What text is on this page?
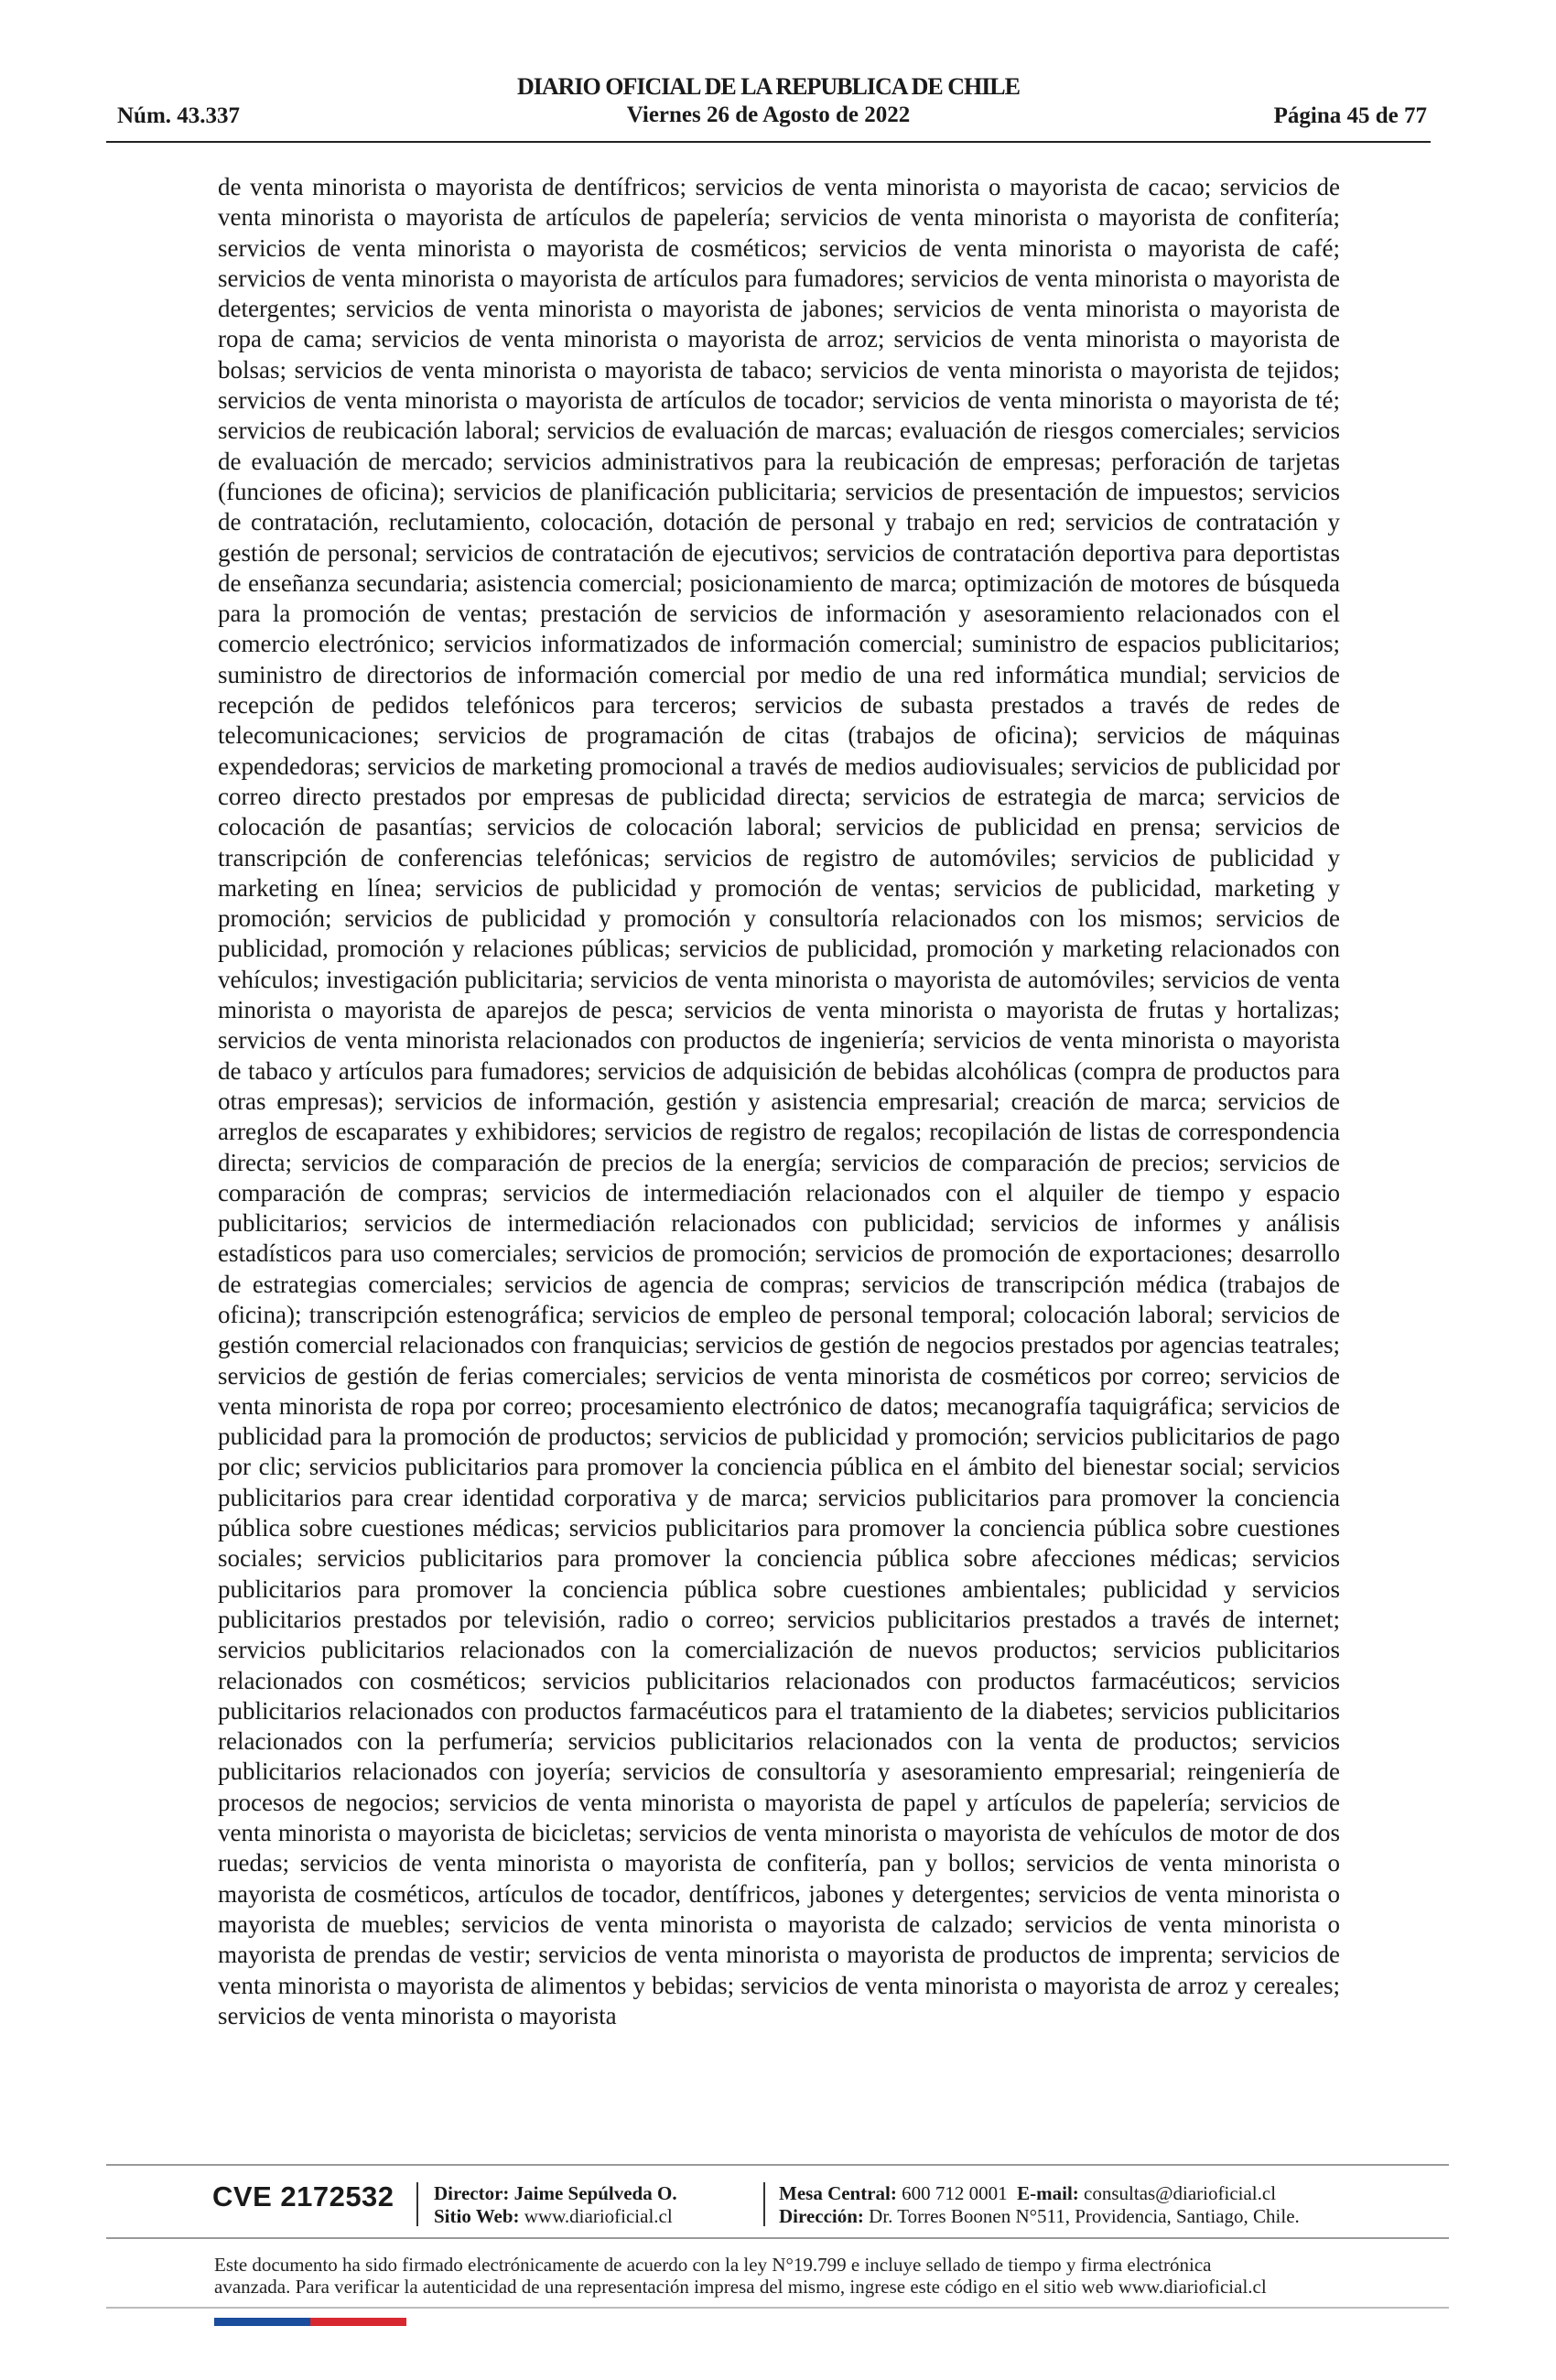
Núm. 43.337
DIARIO OFICIAL DE LA REPUBLICA DE CHILE
Viernes 26 de Agosto de 2022	Página 45 de 77
de venta minorista o mayorista de dentífricos; servicios de venta minorista o mayorista de cacao; servicios de venta minorista o mayorista de artículos de papelería; servicios de venta minorista o mayorista de confitería; servicios de venta minorista o mayorista de cosméticos; servicios de venta minorista o mayorista de café; servicios de venta minorista o mayorista de artículos para fumadores; servicios de venta minorista o mayorista de detergentes; servicios de venta minorista o mayorista de jabones; servicios de venta minorista o mayorista de ropa de cama; servicios de venta minorista o mayorista de arroz; servicios de venta minorista o mayorista de bolsas; servicios de venta minorista o mayorista de tabaco; servicios de venta minorista o mayorista de tejidos; servicios de venta minorista o mayorista de artículos de tocador; servicios de venta minorista o mayorista de té; servicios de reubicación laboral; servicios de evaluación de marcas; evaluación de riesgos comerciales; servicios de evaluación de mercado; servicios administrativos para la reubicación de empresas; perforación de tarjetas (funciones de oficina); servicios de planificación publicitaria; servicios de presentación de impuestos; servicios de contratación, reclutamiento, colocación, dotación de personal y trabajo en red; servicios de contratación y gestión de personal; servicios de contratación de ejecutivos; servicios de contratación deportiva para deportistas de enseñanza secundaria; asistencia comercial; posicionamiento de marca; optimización de motores de búsqueda para la promoción de ventas; prestación de servicios de información y asesoramiento relacionados con el comercio electrónico; servicios informatizados de información comercial; suministro de espacios publicitarios; suministro de directorios de información comercial por medio de una red informática mundial; servicios de recepción de pedidos telefónicos para terceros; servicios de subasta prestados a través de redes de telecomunicaciones; servicios de programación de citas (trabajos de oficina); servicios de máquinas expendedoras; servicios de marketing promocional a través de medios audiovisuales; servicios de publicidad por correo directo prestados por empresas de publicidad directa; servicios de estrategia de marca; servicios de colocación de pasantías; servicios de colocación laboral; servicios de publicidad en prensa; servicios de transcripción de conferencias telefónicas; servicios de registro de automóviles; servicios de publicidad y marketing en línea; servicios de publicidad y promoción de ventas; servicios de publicidad, marketing y promoción; servicios de publicidad y promoción y consultoría relacionados con los mismos; servicios de publicidad, promoción y relaciones públicas; servicios de publicidad, promoción y marketing relacionados con vehículos; investigación publicitaria; servicios de venta minorista o mayorista de automóviles; servicios de venta minorista o mayorista de aparejos de pesca; servicios de venta minorista o mayorista de frutas y hortalizas; servicios de venta minorista relacionados con productos de ingeniería; servicios de venta minorista o mayorista de tabaco y artículos para fumadores; servicios de adquisición de bebidas alcohólicas (compra de productos para otras empresas); servicios de información, gestión y asistencia empresarial; creación de marca; servicios de arreglos de escaparates y exhibidores; servicios de registro de regalos; recopilación de listas de correspondencia directa; servicios de comparación de precios de la energía; servicios de comparación de precios; servicios de comparación de compras; servicios de intermediación relacionados con el alquiler de tiempo y espacio publicitarios; servicios de intermediación relacionados con publicidad; servicios de informes y análisis estadísticos para uso comerciales; servicios de promoción; servicios de promoción de exportaciones; desarrollo de estrategias comerciales; servicios de agencia de compras; servicios de transcripción médica (trabajos de oficina); transcripción estenográfica; servicios de empleo de personal temporal; colocación laboral; servicios de gestión comercial relacionados con franquicias; servicios de gestión de negocios prestados por agencias teatrales; servicios de gestión de ferias comerciales; servicios de venta minorista de cosméticos por correo; servicios de venta minorista de ropa por correo; procesamiento electrónico de datos; mecanografía taquigráfica; servicios de publicidad para la promoción de productos; servicios de publicidad y promoción; servicios publicitarios de pago por clic; servicios publicitarios para promover la conciencia pública en el ámbito del bienestar social; servicios publicitarios para crear identidad corporativa y de marca; servicios publicitarios para promover la conciencia pública sobre cuestiones médicas; servicios publicitarios para promover la conciencia pública sobre cuestiones sociales; servicios publicitarios para promover la conciencia pública sobre afecciones médicas; servicios publicitarios para promover la conciencia pública sobre cuestiones ambientales; publicidad y servicios publicitarios prestados por televisión, radio o correo; servicios publicitarios prestados a través de internet; servicios publicitarios relacionados con la comercialización de nuevos productos; servicios publicitarios relacionados con cosméticos; servicios publicitarios relacionados con productos farmacéuticos; servicios publicitarios relacionados con productos farmacéuticos para el tratamiento de la diabetes; servicios publicitarios relacionados con la perfumería; servicios publicitarios relacionados con la venta de productos; servicios publicitarios relacionados con joyería; servicios de consultoría y asesoramiento empresarial; reingeniería de procesos de negocios; servicios de venta minorista o mayorista de papel y artículos de papelería; servicios de venta minorista o mayorista de bicicletas; servicios de venta minorista o mayorista de vehículos de motor de dos ruedas; servicios de venta minorista o mayorista de confitería, pan y bollos; servicios de venta minorista o mayorista de cosméticos, artículos de tocador, dentífricos, jabones y detergentes; servicios de venta minorista o mayorista de muebles; servicios de venta minorista o mayorista de calzado; servicios de venta minorista o mayorista de prendas de vestir; servicios de venta minorista o mayorista de productos de imprenta; servicios de venta minorista o mayorista de alimentos y bebidas; servicios de venta minorista o mayorista de arroz y cereales; servicios de venta minorista o mayorista
CVE 2172532 Director: Jaime Sepúlveda O.
Sitio Web: www.diarioficial.cl
Mesa Central: 600 712 0001 E-mail: consultas@diarioficial.cl
Dirección: Dr. Torres Boonen N°511, Providencia, Santiago, Chile.
Este documento ha sido firmado electrónicamente de acuerdo con la ley N°19.799 e incluye sellado de tiempo y firma electrónica
avanzada. Para verificar la autenticidad de una representación impresa del mismo, ingrese este código en el sitio web www.diarioficial.cl
